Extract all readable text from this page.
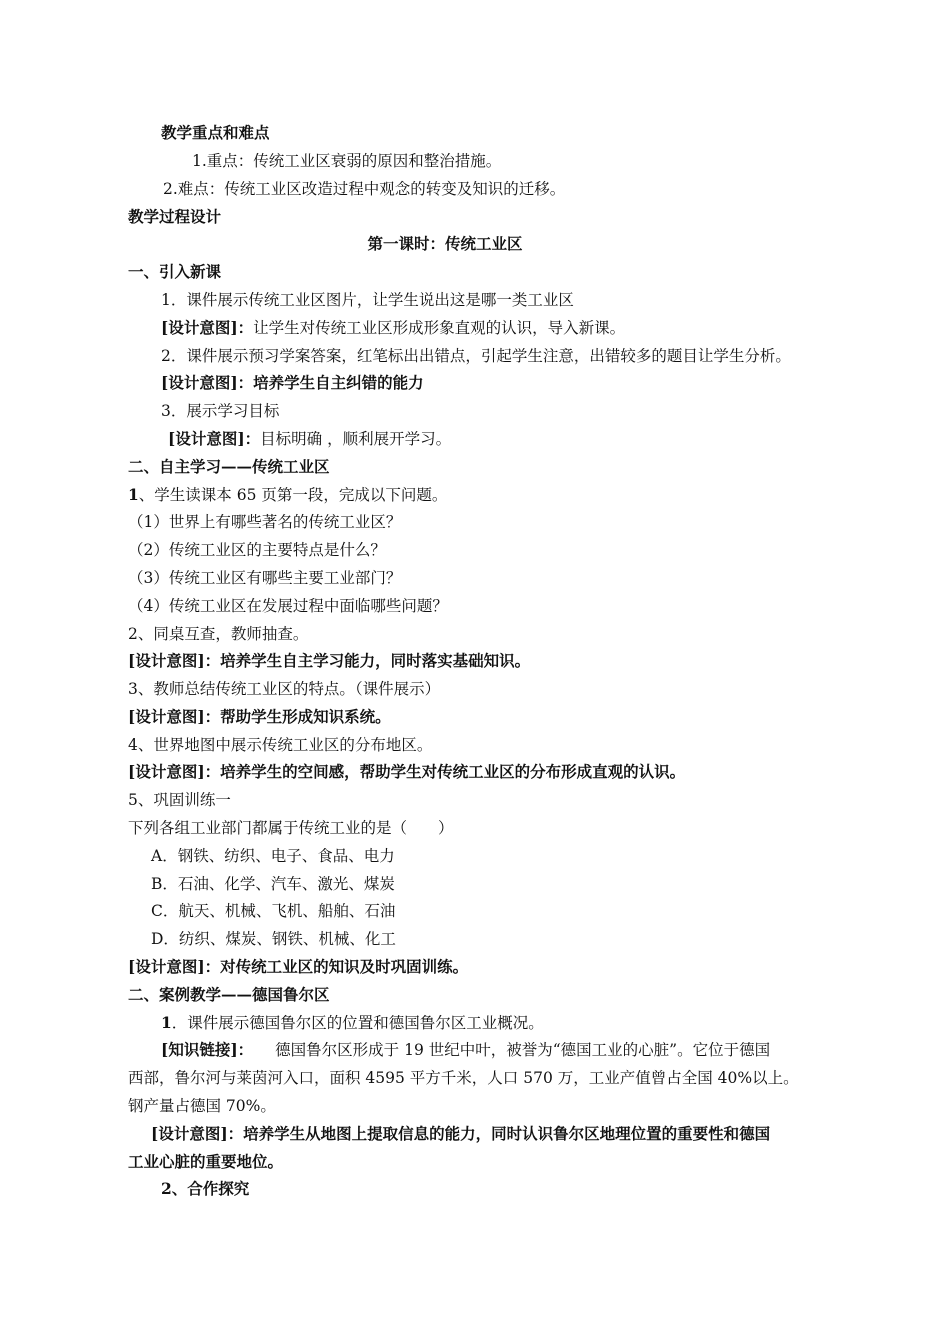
教学重点和难点
1.重点：传统工业区衰弱的原因和整治措施。
2.难点：传统工业区改造过程中观念的转变及知识的迁移。
教学过程设计
第一课时：传统工业区
一、引入新课
1．课件展示传统工业区图片，让学生说出这是哪一类工业区
[设计意图]：让学生对传统工业区形成形象直观的认识，导入新课。
2．课件展示预习学案答案，红笔标出出错点，引起学生注意，出错较多的题目让学生分析。
[设计意图]：培养学生自主纠错的能力
3．展示学习目标
[设计意图]：目标明确 ，顺利展开学习。
二、自主学习——传统工业区
1、学生读课本 65 页第一段，完成以下问题。
（1）世界上有哪些著名的传统工业区？
（2）传统工业区的主要特点是什么？
（3）传统工业区有哪些主要工业部门？
（4）传统工业区在发展过程中面临哪些问题？
2、同桌互查，教师抽查。
[设计意图]：培养学生自主学习能力，同时落实基础知识。
3、教师总结传统工业区的特点。（课件展示）
[设计意图]：帮助学生形成知识系统。
4、世界地图中展示传统工业区的分布地区。
[设计意图]：培养学生的空间感，帮助学生对传统工业区的分布形成直观的认识。
5、巩固训练一
下列各组工业部门都属于传统工业的是（　　）
A．钢铁、纺织、电子、食品、电力
B．石油、化学、汽车、激光、煤炭
C．航天、机械、飞机、船舶、石油
D．纺织、煤炭、钢铁、机械、化工
[设计意图]：对传统工业区的知识及时巩固训练。
二、案例教学——德国鲁尔区
1．课件展示德国鲁尔区的位置和德国鲁尔区工业概况。
[知识链接]： 德国鲁尔区形成于 19 世纪中叶，被誉为“德国工业的心脏”。它位于德国
西部，鲁尔河与莱茵河入口，面积 4595 平方千米，人口 570 万，工业产值曾占全国 40%以上。
钢产量占德国 70%。
[设计意图]：培养学生从地图上提取信息的能力，同时认识鲁尔区地理位置的重要性和德国
工业心脏的重要地位。
2、合作探究
